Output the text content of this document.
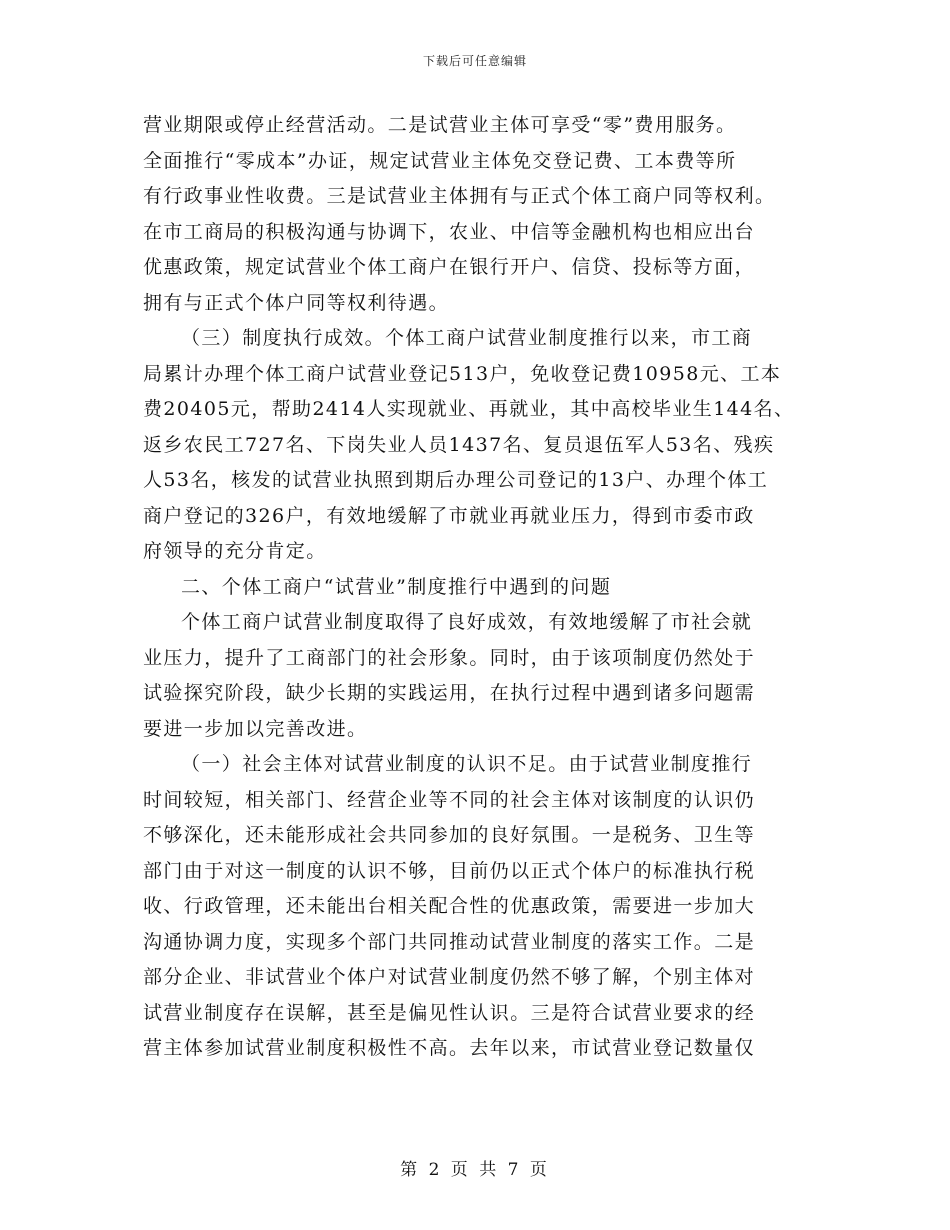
下载后可任意编辑
营业期限或停止经营活动。二是试营业主体可享受“零”费用服务。
全面推行“零成本”办证，规定试营业主体免交登记费、工本费等所
有行政事业性收费。三是试营业主体拥有与正式个体工商户同等权利。
在市工商局的积极沟通与协调下，农业、中信等金融机构也相应出台
优惠政策，规定试营业个体工商户在银行开户、信贷、投标等方面，
拥有与正式个体户同等权利待遇。
（三）制度执行成效。个体工商户试营业制度推行以来，市工商
局累计办理个体工商户试营业登记513户，免收登记费10958元、工本
费20405元，帮助2414人实现就业、再就业，其中高校毕业生144名、
返乡农民工727名、下岗失业人员1437名、复员退伍军人53名、残疾
人53名，核发的试营业执照到期后办理公司登记的13户、办理个体工
商户登记的326户，有效地缓解了市就业再就业压力，得到市委市政
府领导的充分肯定。
二、个体工商户“试营业”制度推行中遇到的问题
个体工商户试营业制度取得了良好成效，有效地缓解了市社会就
业压力，提升了工商部门的社会形象。同时，由于该项制度仍然处于
试验探究阶段，缺少长期的实践运用，在执行过程中遇到诸多问题需
要进一步加以完善改进。
（一）社会主体对试营业制度的认识不足。由于试营业制度推行
时间较短，相关部门、经营企业等不同的社会主体对该制度的认识仍
不够深化，还未能形成社会共同参加的良好氛围。一是税务、卫生等
部门由于对这一制度的认识不够，目前仍以正式个体户的标准执行税
收、行政管理，还未能出台相关配合性的优惠政策，需要进一步加大
沟通协调力度，实现多个部门共同推动试营业制度的落实工作。二是
部分企业、非试营业个体户对试营业制度仍然不够了解，个别主体对
试营业制度存在误解，甚至是偏见性认识。三是符合试营业要求的经
营主体参加试营业制度积极性不高。去年以来，市试营业登记数量仅
第 2 页 共 7 页
